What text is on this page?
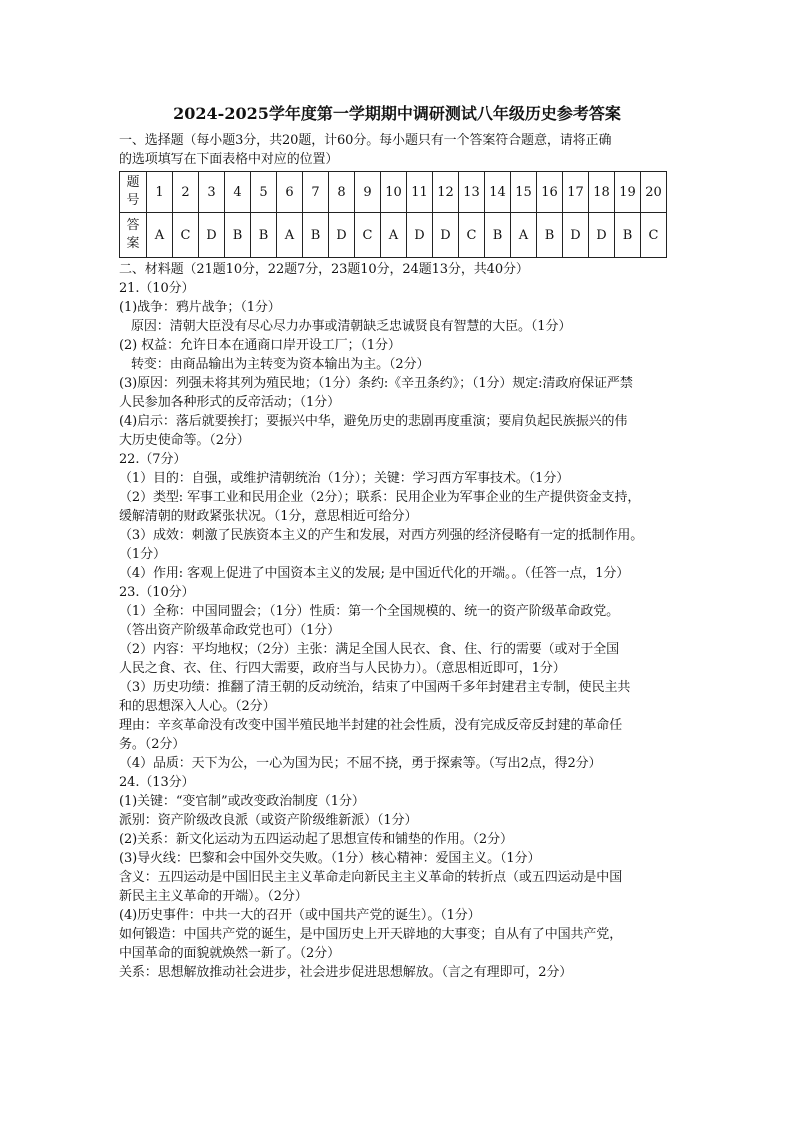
2024-2025学年度第一学期期中调研测试八年级历史参考答案
一、选择题（每小题3分，共20题，计60分。每小题只有一个答案符合题意，请将正确
的选项填写在下面表格中对应的位置）
题
号	1	2	3	4	5	6	7	8	9	10	11	12	13	14	15	16	17	18	19	20

答
案	A	C	D	B	B	A	B	D	C	A	D	D	C	B	A	B	D	D	B	C
二、材料题（21题10分，22题7分，23题10分，24题13分，共40分）
21.（10分）
(1)战争：鸦片战争；（1分）
原因：清朝大臣没有尽心尽力办事或清朝缺乏忠诚贤良有智慧的大臣。（1分）
(2) 权益：允许日本在通商口岸开设工厂；（1分）
转变：由商品输出为主转变为资本输出为主。（2分）
(3)原因：列强未将其列为殖民地；（1分）条约:《辛丑条约》；（1分）规定:清政府保证严禁
人民参加各种形式的反帝活动；（1分）
(4)启示：落后就要挨打；要振兴中华，避免历史的悲剧再度重演；要肩负起民族振兴的伟
大历史使命等。（2分）
22.（7分）
（1）目的：自强，或维护清朝统治（1分）；关键：学习西方军事技术。（1分）
（2）类型: 军事工业和民用企业（2分）；联系：民用企业为军事企业的生产提供资金支持，
缓解清朝的财政紧张状况。（1分，意思相近可给分）
（3）成效：刺激了民族资本主义的产生和发展，对西方列强的经济侵略有一定的抵制作用。
（1分）
（4）作用: 客观上促进了中国资本主义的发展; 是中国近代化的开端。。（任答一点，1分）
23.（10分）
（1）全称：中国同盟会；（1分）性质：第一个全国规模的、统一的资产阶级革命政党。
（答出资产阶级革命政党也可）（1分）
（2）内容：平均地权；（2分）主张：满足全国人民衣、食、住、行的需要（或对于全国
人民之食、衣、住、行四大需要，政府当与人民协力）。（意思相近即可，1分）
（3）历史功绩：推翻了清王朝的反动统治，结束了中国两千多年封建君主专制，使民主共
和的思想深入人心。（2分）
理由：辛亥革命没有改变中国半殖民地半封建的社会性质，没有完成反帝反封建的革命任
务。（2分）
（4）品质：天下为公，一心为国为民；不屈不挠，勇于探索等。（写出2点，得2分）
24.（13分）
(1)关键：“变官制”或改变政治制度（1分）
派别：资产阶级改良派（或资产阶级维新派）（1分）
(2)关系：新文化运动为五四运动起了思想宣传和铺垫的作用。（2分）
(3)导火线：巴黎和会中国外交失败。（1分）核心精神：爱国主义。（1分）
含义：五四运动是中国旧民主主义革命走向新民主主义革命的转折点（或五四运动是中国
新民主主义革命的开端）。（2分）
(4)历史事件：中共一大的召开（或中国共产党的诞生）。（1分）
如何锻造：中国共产党的诞生，是中国历史上开天辟地的大事变；自从有了中国共产党，
中国革命的面貌就焕然一新了。（2分）
关系：思想解放推动社会进步，社会进步促进思想解放。（言之有理即可，2分）
